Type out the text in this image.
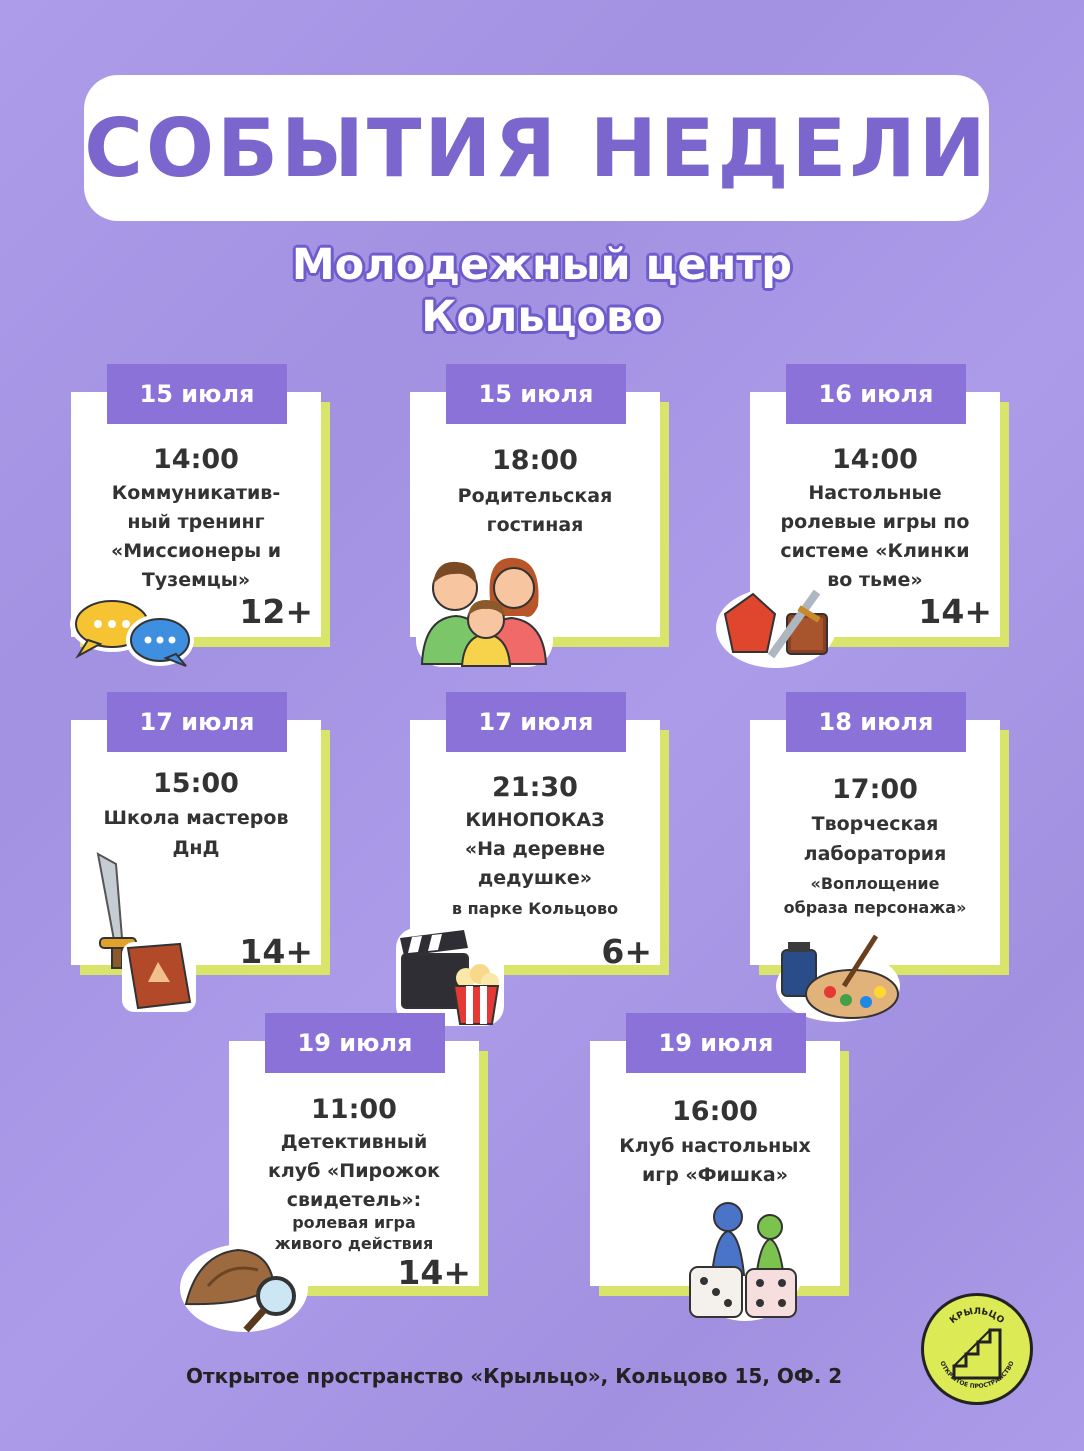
СОБЫТИЯ НЕДЕЛИ
Молодежный центр
Кольцово
15 июля
14:00
Коммуникатив-
ный тренинг
«Миссионеры и
Туземцы»
12+
15 июля
18:00
Родительская
гостиная
16 июля
14:00
Настольные
ролевые игры по
системе «Клинки
во тьме»
14+
17 июля
15:00
Школа мастеров
ДнД
14+
17 июля
21:30
КИНОПОКАЗ
«На деревне
дедушке»
в парке Кольцово
6+
18 июля
17:00
Творческая
лаборатория
«Воплощение
образа персонажа»
19 июля
11:00
Детективный
клуб «Пирожок
свидетель»:
ролевая игра
живого действия
14+
19 июля
16:00
Клуб настольных
игр «Фишка»
Открытое пространство «Крыльцо», Кольцово 15, ОФ. 2
КРЫЛЬЦО
ОТКРЫТОЕ ПРОСТРАНСТВО
